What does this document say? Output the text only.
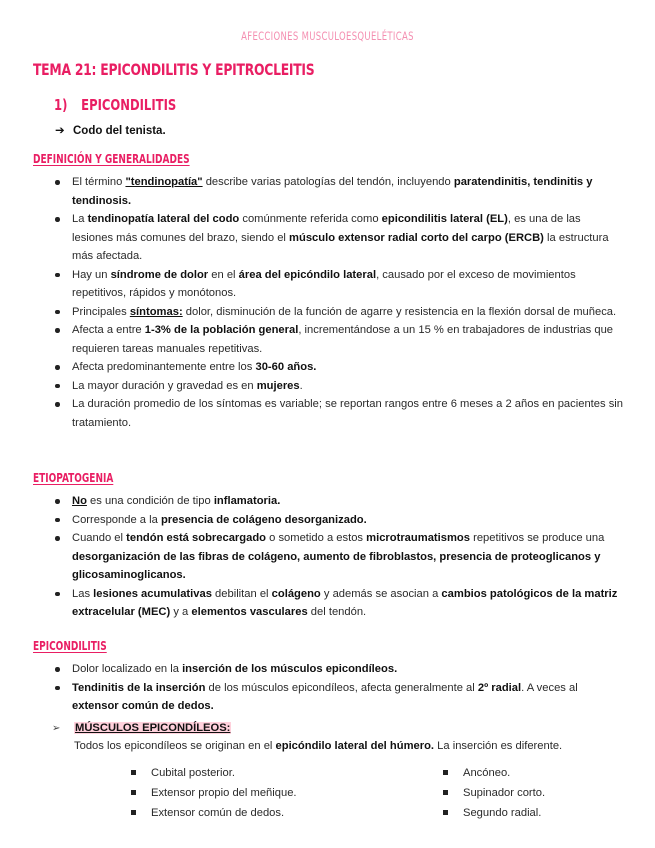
AFECCIONES MUSCULOESQUELÉTICAS
TEMA 21: EPICONDILITIS Y EPITROCLEITIS
1) EPICONDILITIS
➔ Codo del tenista.
DEFINICIÓN Y GENERALIDADES
El término "tendinopatía" describe varias patologías del tendón, incluyendo paratendinitis, tendinitis y tendinosis.
La tendinopatía lateral del codo comúnmente referida como epicondilitis lateral (EL), es una de las lesiones más comunes del brazo, siendo el músculo extensor radial corto del carpo (ERCB) la estructura más afectada.
Hay un síndrome de dolor en el área del epicóndilo lateral, causado por el exceso de movimientos repetitivos, rápidos y monótonos.
Principales síntomas: dolor, disminución de la función de agarre y resistencia en la flexión dorsal de muñeca.
Afecta a entre 1-3% de la población general, incrementándose a un 15 % en trabajadores de industrias que requieren tareas manuales repetitivas.
Afecta predominantemente entre los 30-60 años.
La mayor duración y gravedad es en mujeres.
La duración promedio de los síntomas es variable; se reportan rangos entre 6 meses a 2 años en pacientes sin tratamiento.
ETIOPATOGENIA
No es una condición de tipo inflamatoria.
Corresponde a la presencia de colágeno desorganizado.
Cuando el tendón está sobrecargado o sometido a estos microtraumatismos repetitivos se produce una desorganización de las fibras de colágeno, aumento de fibroblastos, presencia de proteoglicanos y glicosaminoglicanos.
Las lesiones acumulativas debilitan el colágeno y además se asocian a cambios patológicos de la matriz extracelular (MEC) y a elementos vasculares del tendón.
EPICONDILITIS
Dolor localizado en la inserción de los músculos epicondíleos.
Tendinitis de la inserción de los músculos epicondíleos, afecta generalmente al 2º radial. A veces al extensor común de dedos.
➢ MÚSCULOS EPICONDÍLEOS:
Todos los epicondíleos se originan en el epicóndilo lateral del húmero. La inserción es diferente.
Cubital posterior.
Extensor propio del meñique.
Extensor común de dedos.
Ancóneo.
Supinador corto.
Segundo radial.
